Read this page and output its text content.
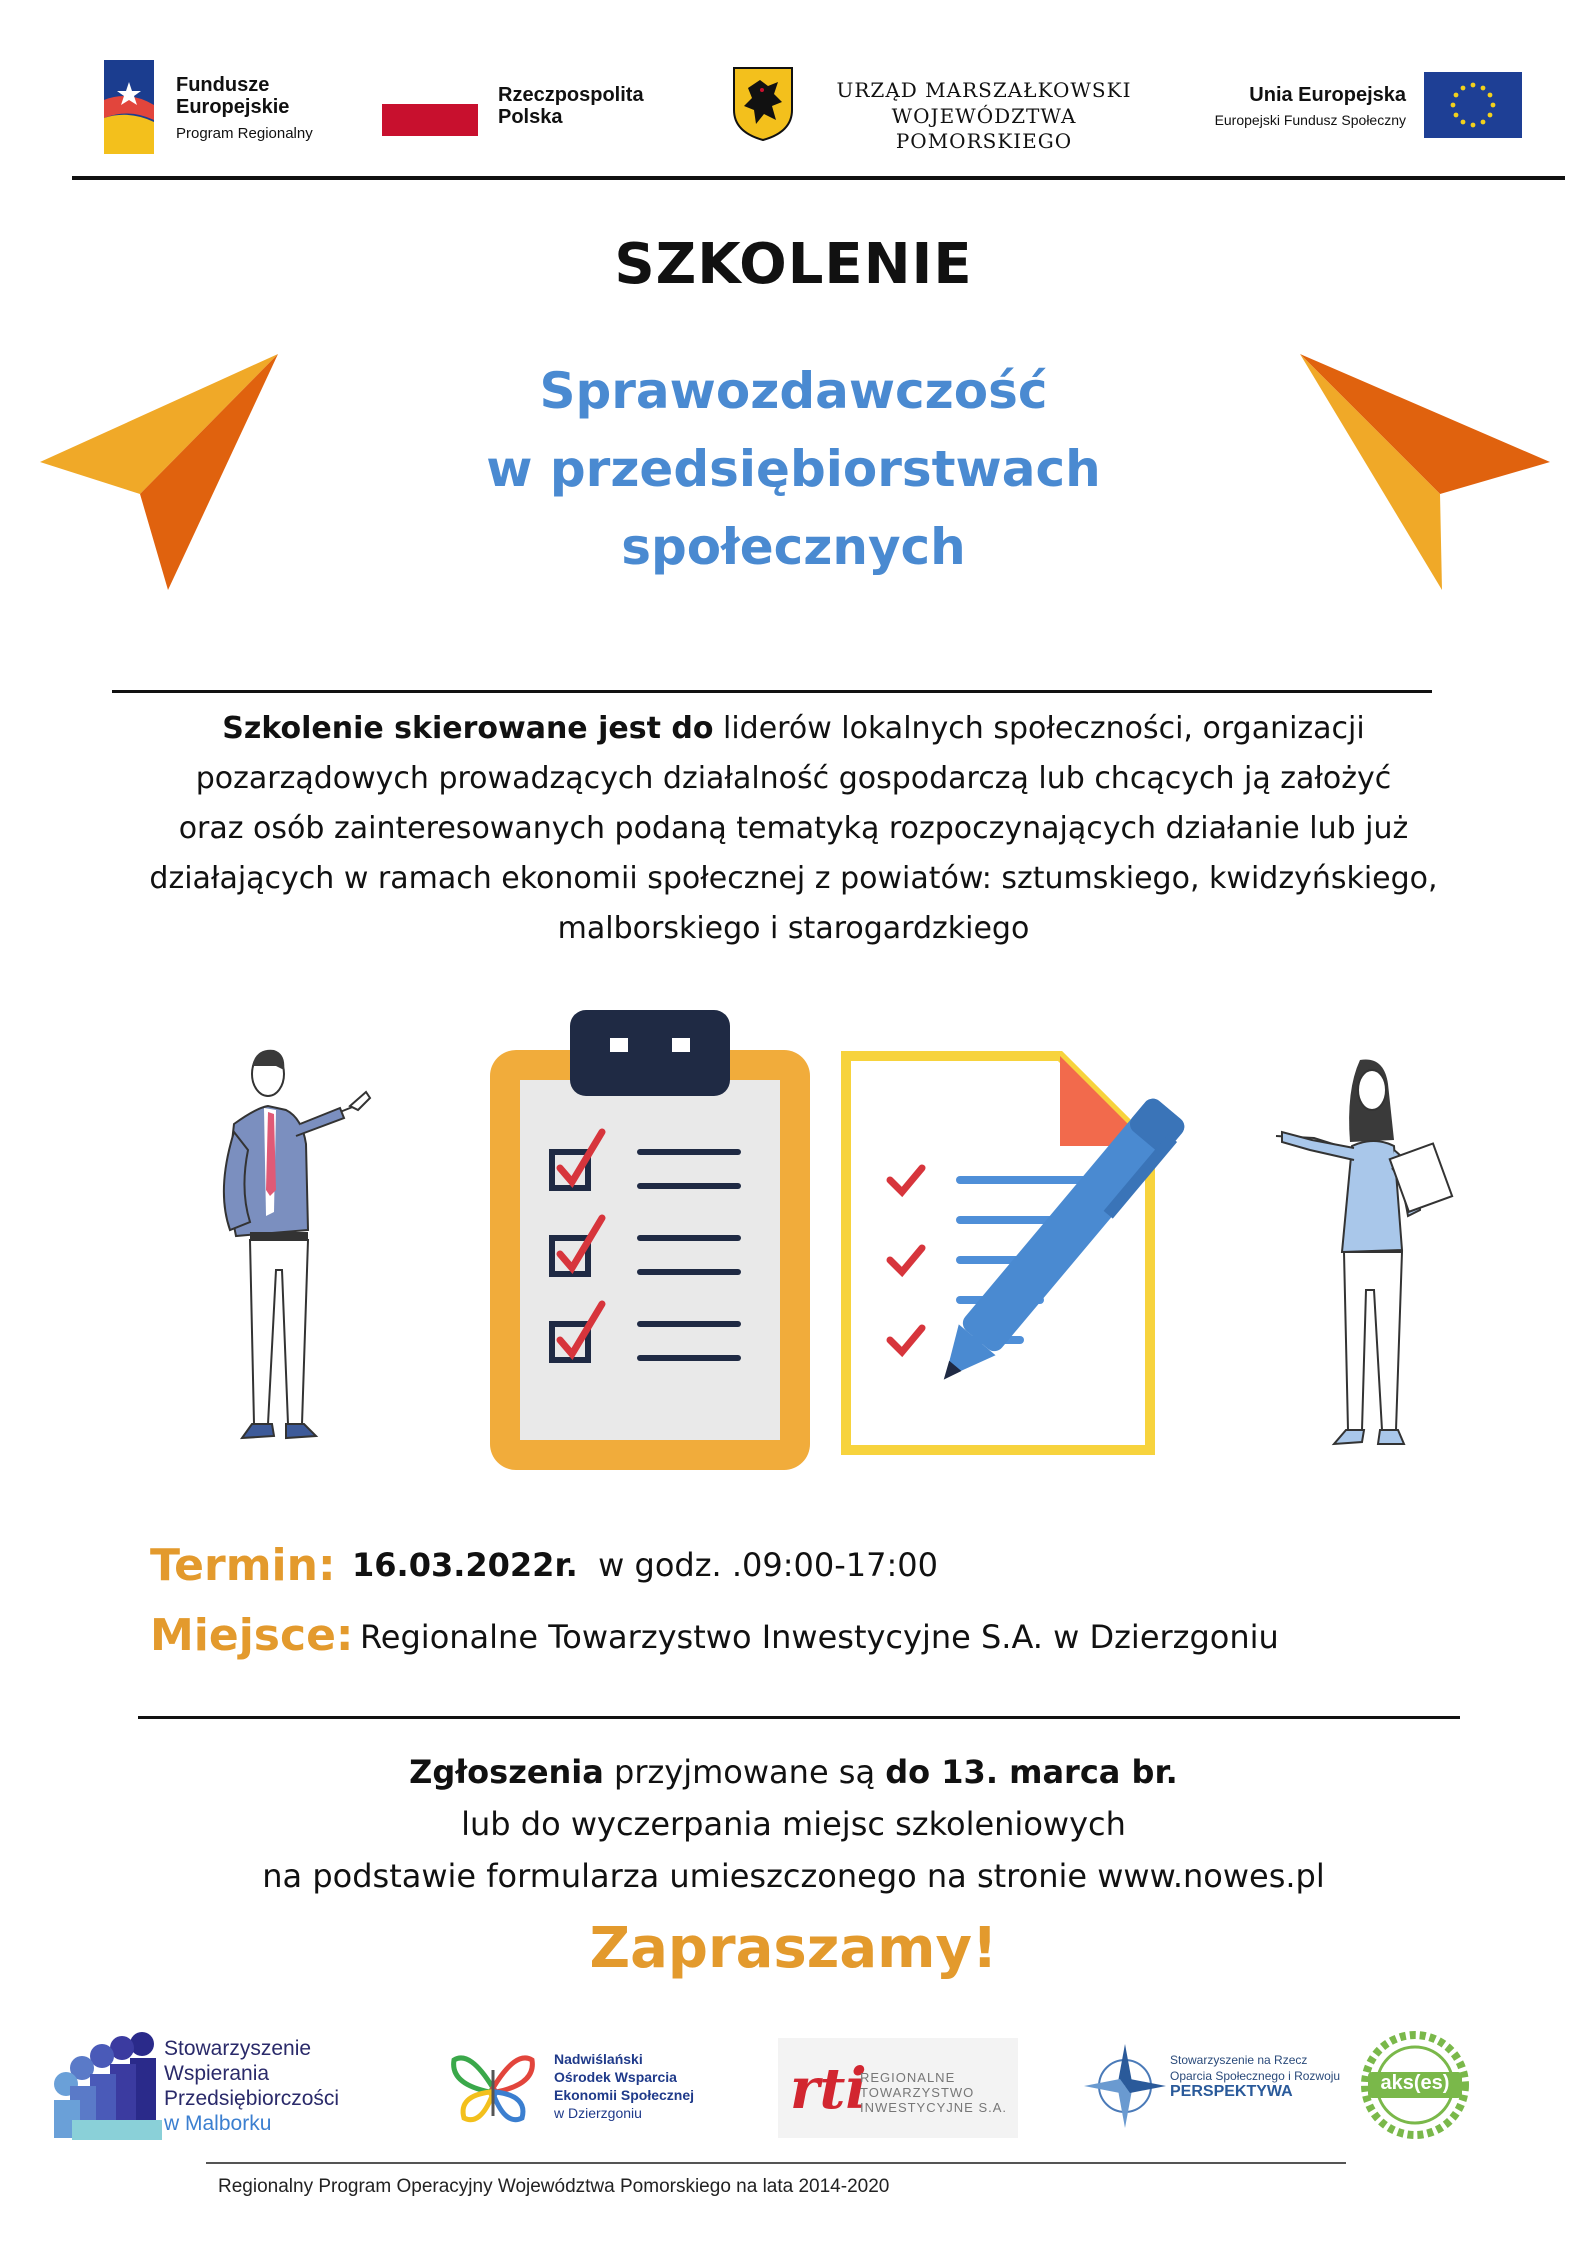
Fundusze
Europejskie
Program Regionalny
Rzeczpospolita
Polska
URZĄD MARSZAŁKOWSKI
WOJEWÓDZTWA POMORSKIEGO
Unia Europejska
Europejski Fundusz Społeczny
SZKOLENIE
Sprawozdawczość
w przedsiębiorstwach
społecznych
Szkolenie skierowane jest do liderów lokalnych społeczności, organizacji
pozarządowych prowadzących działalność gospodarczą lub chcących ją założyć
oraz osób zainteresowanych podaną tematyką rozpoczynających działanie lub już
działających w ramach ekonomii społecznej z powiatów: sztumskiego, kwidzyńskiego,
malborskiego i starogardzkiego
Termin: 16.03.2022r. w godz. .09:00-17:00
Miejsce: Regionalne Towarzystwo Inwestycyjne S.A. w Dzierzgoniu
Zgłoszenia przyjmowane są do 13. marca br.
lub do wyczerpania miejsc szkoleniowych
na podstawie formularza umieszczonego na stronie www.nowes.pl
Zapraszamy!
Stowarzyszenie
Wspierania
Przedsiębiorczości
w Malborku
Nadwiślański
Ośrodek Wsparcia
Ekonomii Społecznej
w Dzierzgoniu	rti
REGIONALNE
TOWARZYSTWO
INWESTYCYJNE S.A.
Stowarzyszenie na Rzecz
Oparcia Społecznego i Rozwoju
PERSPEKTYWA	aks(es)
Regionalny Program Operacyjny Województwa Pomorskiego na lata 2014-2020
